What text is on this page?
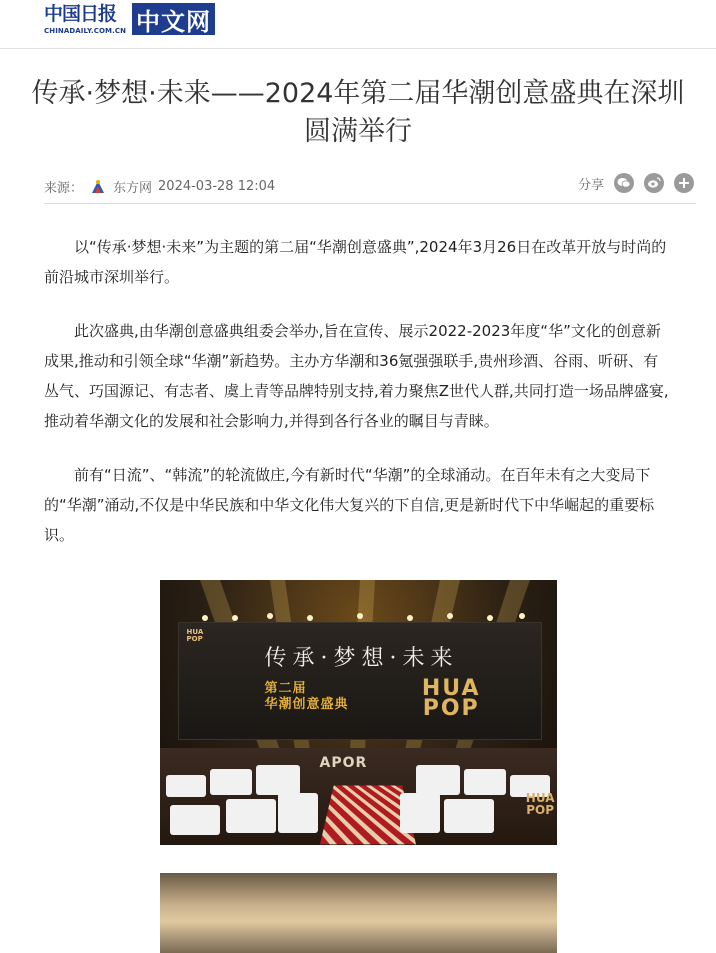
中国日报
CHINADAILY.COM.CN 中文网
传承·梦想·未来——2024年第二届华潮创意盛典在深圳圆满举行
来源： 东方网 2024-03-28 12:04	分享

以“传承·梦想·未来”为主题的第二届“华潮创意盛典”,2024年3月26日在改革开放与时尚的前沿城市深圳举行。

此次盛典,由华潮创意盛典组委会举办,旨在宣传、展示2022-2023年度“华”文化的创意新成果,推动和引领全球“华潮”新趋势。主办方华潮和36氪强强联手,贵州珍酒、谷雨、听研、有丛气、巧国源记、有志者、虞上青等品牌特别支持,着力聚焦Z世代人群,共同打造一场品牌盛宴,推动着华潮文化的发展和社会影响力,并得到各行各业的瞩目与青睐。

前有“日流”、“韩流”的轮流做庄,今有新时代“华潮”的全球涌动。在百年未有之大变局下的“华潮”涌动,不仅是中华民族和中华文化伟大复兴的下自信,更是新时代下中华崛起的重要标识。

HUA
POP
传承·梦想·未来
第二届
华潮创意盛典
HUA
POP
APOR
HUA
POP
